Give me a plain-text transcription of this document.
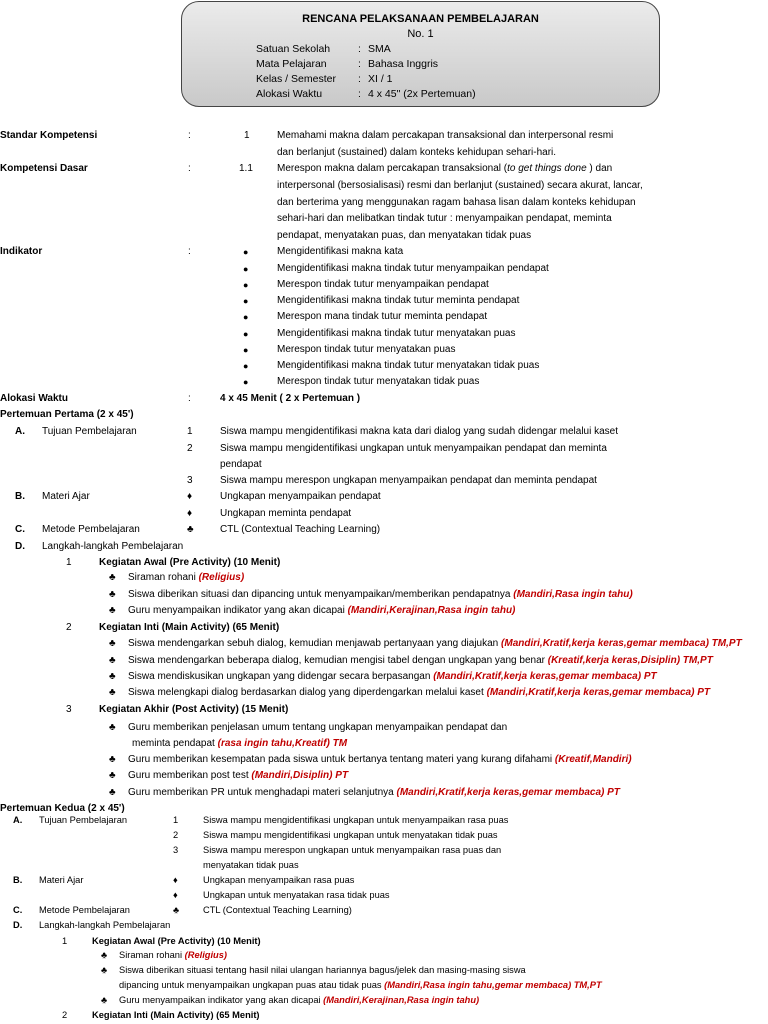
RENCANA PELAKSANAAN PEMBELAJARAN
No. 1
Satuan Sekolah	: SMA
Mata Pelajaran	: Bahasa Inggris
Kelas / Semester : XI / 1
Alokasi Waktu	: 4 x 45" (2x Pertemuan)
Standar Kompetensi	:	1	Memahami makna dalam percakapan transaksional dan interpersonal resmi
dan berlanjut (sustained) dalam konteks kehidupan sehari-hari.
Kompetensi Dasar	:	1.1 Merespon makna dalam percakapan transaksional (to get things done ) dan
interpersonal (bersosialisasi) resmi dan berlanjut (sustained) secara akurat, lancar,
dan berterima yang menggunakan ragam bahasa lisan dalam konteks kehidupan
sehari-hari dan melibatkan tindak tutur : menyampaikan pendapat, meminta
pendapat, menyatakan puas, dan menyatakan tidak puas
Indikator	:	●	Mengidentifikasi makna kata
●	Mengidentifikasi makna tindak tutur menyampaikan pendapat
●	Merespon tindak tutur menyampaikan pendapat
●	Mengidentifikasi makna tindak tutur meminta pendapat
●	Merespon mana tindak tutur meminta pendapat
●	Mengidentifikasi makna tindak tutur menyatakan puas
●	Merespon tindak tutur menyatakan puas
●	Mengidentifikasi makna tindak tutur menyatakan tidak puas
●	Merespon tindak tutur menyatakan tidak puas
Alokasi Waktu	:	4 x 45 Menit ( 2 x Pertemuan )
Pertemuan Pertama (2 x 45')
A. Tujuan Pembelajaran	1	Siswa mampu mengidentifikasi makna kata dari dialog yang sudah didengar melalui kaset
2	Siswa mampu mengidentifikasi ungkapan untuk menyampaikan pendapat dan meminta
pendapat
3	Siswa mampu merespon ungkapan menyampaikan pendapat dan meminta pendapat
B. Materi Ajar	♦	Ungkapan menyampaikan pendapat
♦	Ungkapan meminta pendapat
C. Metode Pembelajaran	♣	CTL (Contextual Teaching Learning)
D. Langkah-langkah Pembelajaran
1	Kegiatan Awal (Pre Activity) (10 Menit)
♣ Siraman rohani (Religius)
♣ Siswa diberikan situasi dan dipancing untuk menyampaikan/memberikan pendapatnya (Mandiri,Rasa ingin tahu)
♣ Guru menyampaikan indikator yang akan dicapai (Mandiri,Kerajinan,Rasa ingin tahu)
2	Kegiatan Inti (Main Activity) (65 Menit)
♣ Siswa mendengarkan sebuh dialog, kemudian menjawab pertanyaan yang diajukan (Mandiri,Kratif,kerja keras,gemar membaca) TM,PT
♣ Siswa mendengarkan beberapa dialog, kemudian mengisi tabel dengan ungkapan yang benar (Kreatif,kerja keras,Disiplin) TM,PT
♣ Siswa mendiskusikan ungkapan yang didengar secara berpasangan (Mandiri,Kratif,kerja keras,gemar membaca) PT
♣ Siswa melengkapi dialog berdasarkan dialog yang diperdengarkan melalui kaset (Mandiri,Kratif,kerja keras,gemar membaca) PT
3	Kegiatan Akhir (Post Activity) (15 Menit)
♣ Guru memberikan penjelasan umum tentang ungkapan menyampaikan pendapat dan
meminta pendapat (rasa ingin tahu,Kreatif) TM
♣ Guru memberikan kesempatan pada siswa untuk bertanya tentang materi yang kurang difahami (Kreatif,Mandiri)
♣ Guru memberikan post test (Mandiri,Disiplin) PT
♣ Guru memberikan PR untuk menghadapi materi selanjutnya (Mandiri,Kratif,kerja keras,gemar membaca) PT
Pertemuan Kedua (2 x 45')
A. Tujuan Pembelajaran	1	Siswa mampu mengidentifikasi ungkapan untuk menyampaikan rasa puas
2	Siswa mampu mengidentifikasi ungkapan untuk menyatakan tidak puas
3	Siswa mampu merespon ungkapan untuk menyampaikan rasa puas dan
menyatakan tidak puas
B. Materi Ajar	♦	Ungkapan menyampaikan rasa puas
♦	Ungkapan untuk menyatakan rasa tidak puas
C. Metode Pembelajaran	♣	CTL (Contextual Teaching Learning)
D. Langkah-langkah Pembelajaran
1	Kegiatan Awal (Pre Activity) (10 Menit)
♣ Siraman rohani (Religius)
♣ Siswa diberikan situasi tentang hasil nilai ulangan hariannya bagus/jelek dan masing-masing siswa
dipancing untuk menyampaikan ungkapan puas atau tidak puas (Mandiri,Rasa ingin tahu,gemar membaca) TM,PT
♣ Guru menyampaikan indikator yang akan dicapai (Mandiri,Kerajinan,Rasa ingin tahu)
2	Kegiatan Inti (Main Activity) (65 Menit)
